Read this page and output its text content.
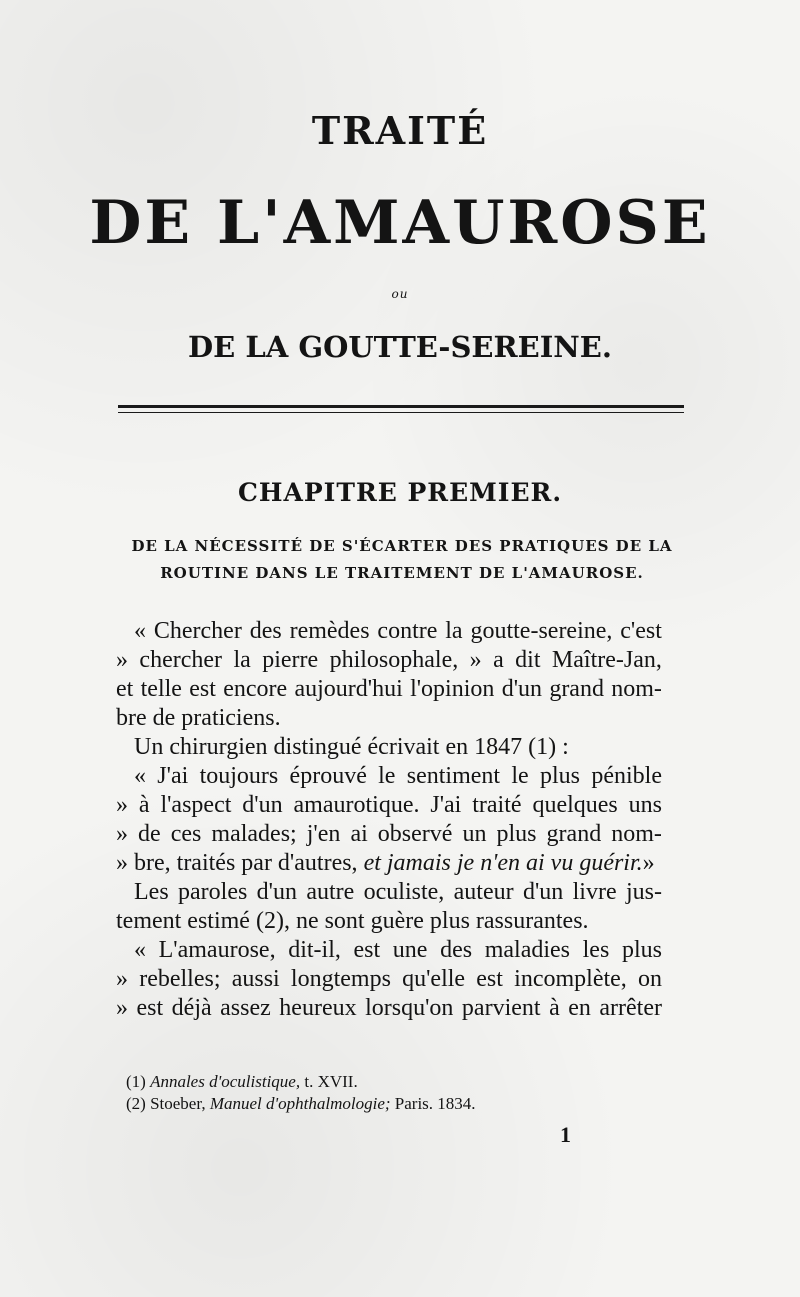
TRAITÉ
DE L'AMAUROSE
ou
DE LA GOUTTE-SEREINE.
CHAPITRE PREMIER.
DE LA NÉCESSITÉ DE S'ÉCARTER DES PRATIQUES DE LA
ROUTINE DANS LE TRAITEMENT DE L'AMAUROSE.
« Chercher des remèdes contre la goutte-sereine, c'est
» chercher la pierre philosophale, » a dit Maître-Jan,
et telle est encore aujourd'hui l'opinion d'un grand nom-
bre de praticiens.
Un chirurgien distingué écrivait en 1847 (1) :
« J'ai toujours éprouvé le sentiment le plus pénible
» à l'aspect d'un amaurotique. J'ai traité quelques uns
» de ces malades; j'en ai observé un plus grand nom-
» bre, traités par d'autres, et jamais je n'en ai vu guérir.»
Les paroles d'un autre oculiste, auteur d'un livre jus-
tement estimé (2), ne sont guère plus rassurantes.
« L'amaurose, dit-il, est une des maladies les plus
» rebelles; aussi longtemps qu'elle est incomplète, on
» est déjà assez heureux lorsqu'on parvient à en arrêter
(1) Annales d'oculistique, t. XVII.
(2) Stoeber, Manuel d'ophthalmologie; Paris. 1834.
1
